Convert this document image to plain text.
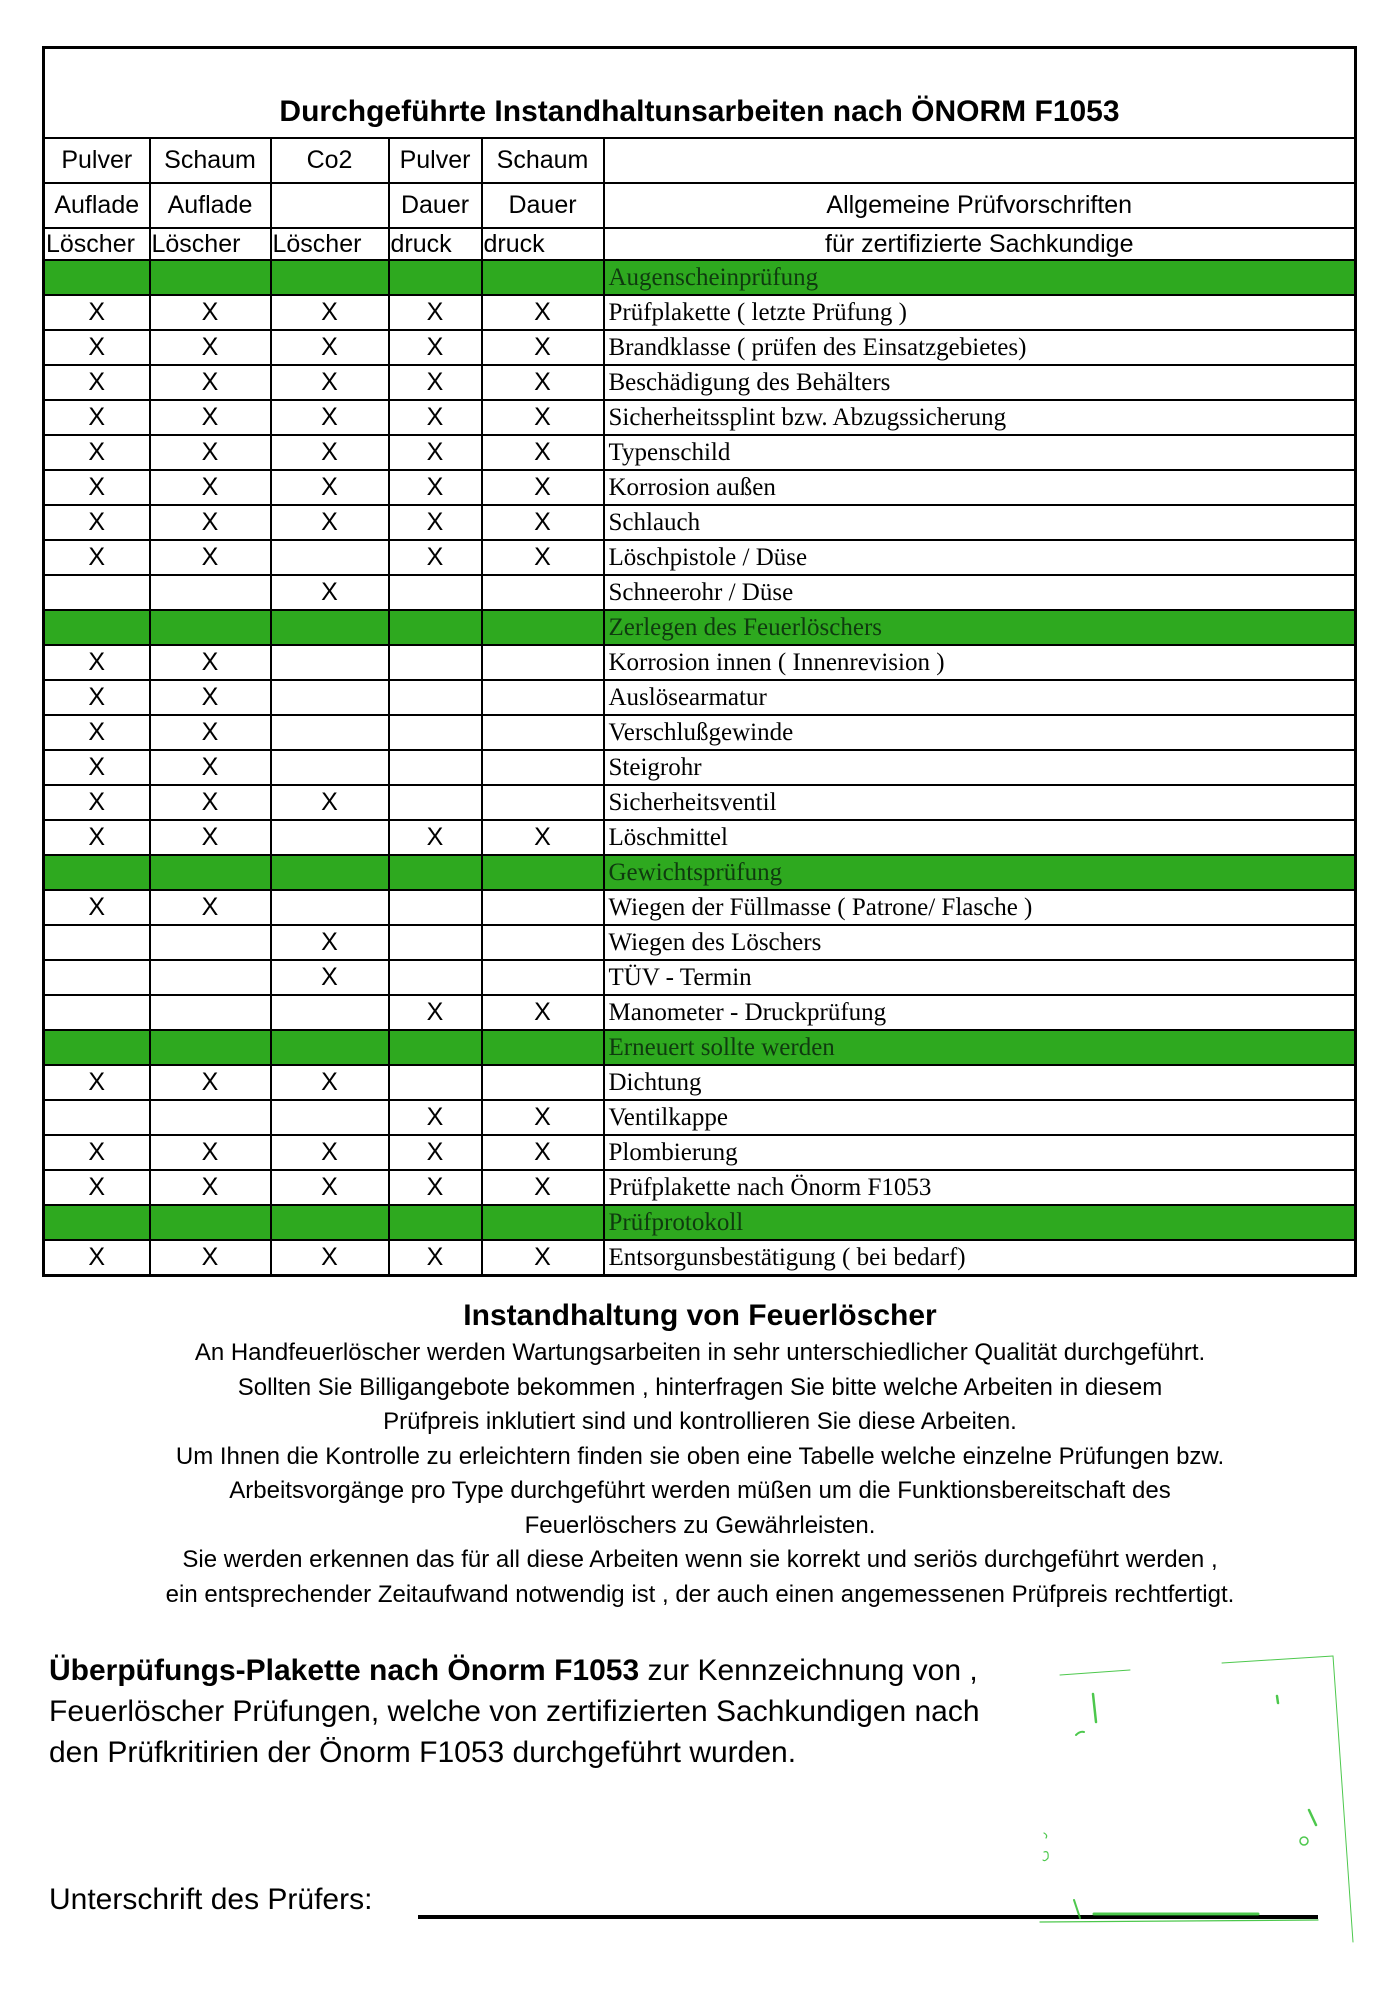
Durchgeführte Instandhaltunsarbeiten nach ÖNORM F1053					
Pulver	Schaum	Co2	Pulver	Schaum	
Auflade	Auflade		Dauer	Dauer	Allgemeine Prüfvorschriften
Löscher	Löscher	Löscher	druck	druck	für zertifizierte Sachkundige
					Augenscheinprüfung
X	X	X	X	X	Prüfplakette ( letzte Prüfung )
X	X	X	X	X	Brandklasse ( prüfen des Einsatzgebietes)
X	X	X	X	X	Beschädigung des Behälters
X	X	X	X	X	Sicherheitssplint bzw. Abzugssicherung
X	X	X	X	X	Typenschild
X	X	X	X	X	Korrosion außen
X	X	X	X	X	Schlauch
X	X		X	X	Löschpistole / Düse
		X			Schneerohr / Düse
					Zerlegen des Feuerlöschers
X	X				Korrosion innen ( Innenrevision )
X	X				Auslösearmatur
X	X				Verschlußgewinde
X	X				Steigrohr
X	X	X			Sicherheitsventil
X	X		X	X	Löschmittel
					Gewichtsprüfung
X	X				Wiegen der Füllmasse ( Patrone/ Flasche )
		X			Wiegen des Löschers
		X			TÜV - Termin
			X	X	Manometer - Druckprüfung
					Erneuert sollte werden
X	X	X			Dichtung
			X	X	Ventilkappe
X	X	X	X	X	Plombierung
X	X	X	X	X	Prüfplakette nach Önorm F1053
					Prüfprotokoll
X	X	X	X	X	Entsorgunsbestätigung ( bei bedarf)
Instandhaltung von Feuerlöscher
An Handfeuerlöscher werden Wartungsarbeiten in sehr unterschiedlicher Qualität durchgeführt.
Sollten Sie Billigangebote bekommen , hinterfragen Sie bitte welche Arbeiten in diesem
Prüfpreis inklutiert sind und kontrollieren Sie diese Arbeiten.
Um Ihnen die Kontrolle zu erleichtern finden sie oben eine Tabelle welche einzelne Prüfungen bzw.
Arbeitsvorgänge pro Type durchgeführt werden müßen um die Funktionsbereitschaft des
Feuerlöschers zu Gewährleisten.
Sie werden erkennen das für all diese Arbeiten wenn sie korrekt und seriös durchgeführt werden ,
ein entsprechender Zeitaufwand notwendig ist , der auch einen angemessenen Prüfpreis rechtfertigt.
Überpüfungs-Plakette nach Önorm F1053 zur Kennzeichnung von ,
Feuerlöscher Prüfungen, welche von zertifizierten Sachkundigen nach
den Prüfkritirien der Önorm F1053 durchgeführt wurden.
Unterschrift des Prüfers:
